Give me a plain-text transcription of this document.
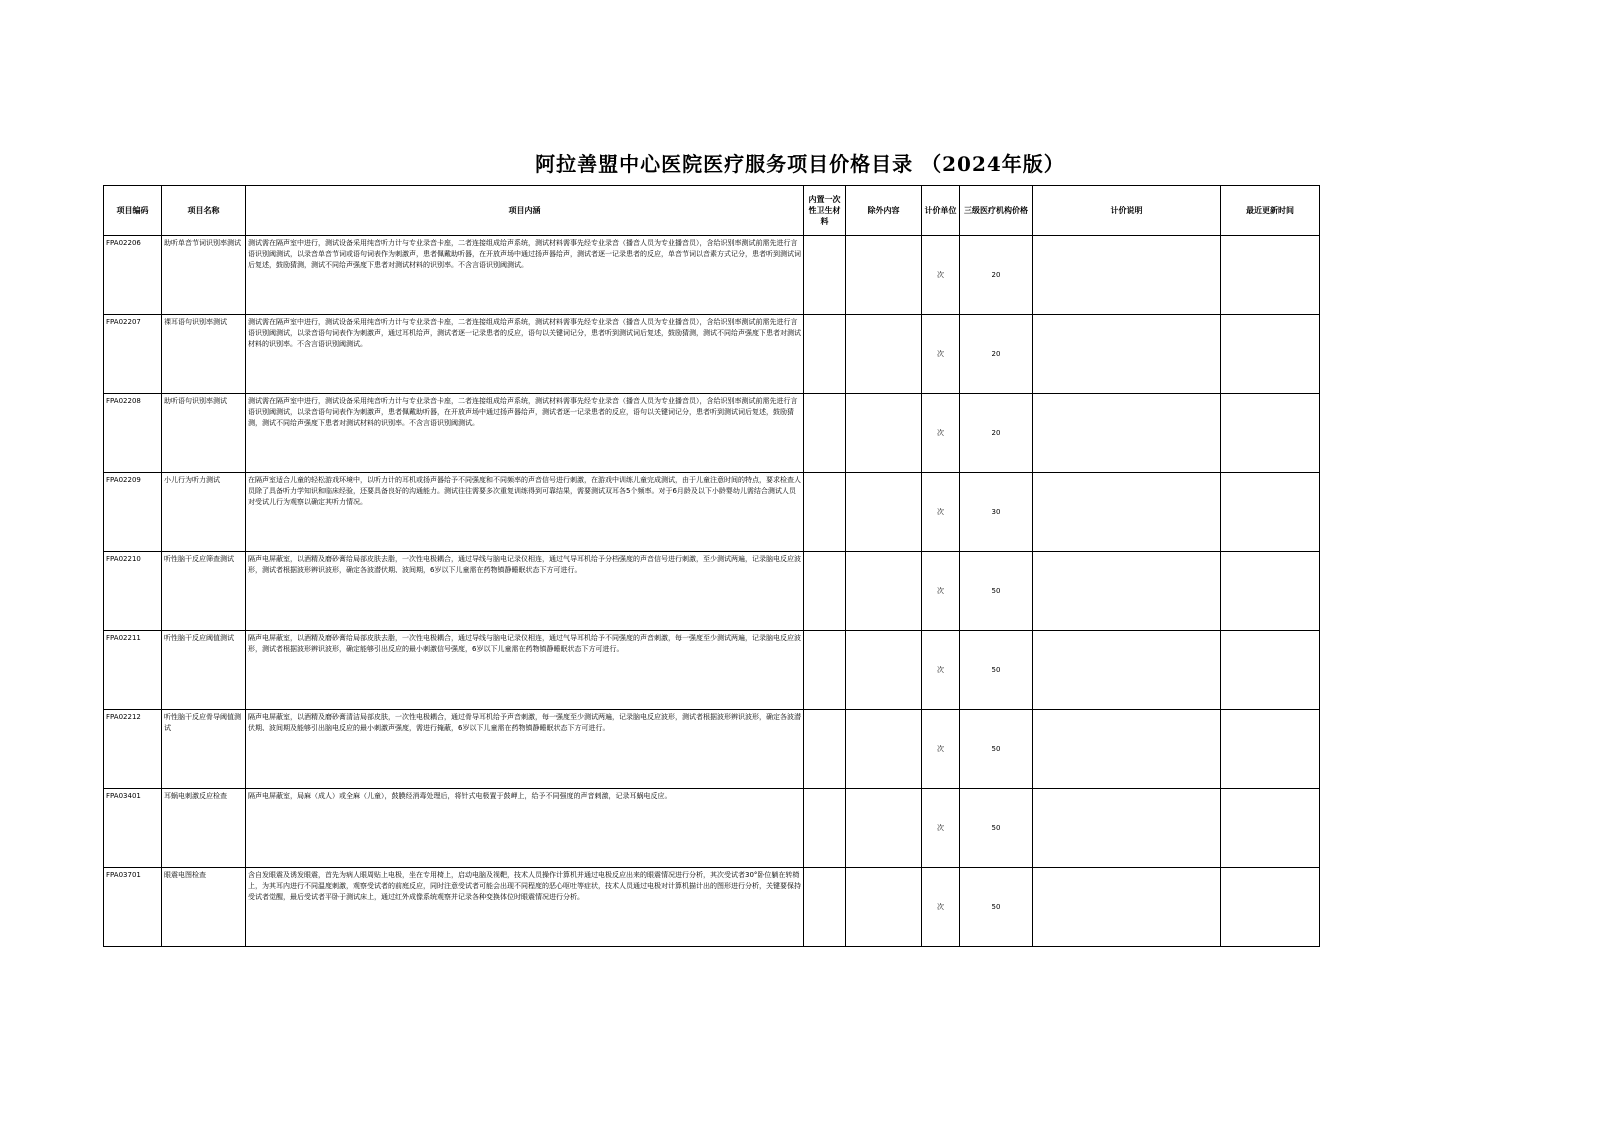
阿拉善盟中心医院医疗服务项目价格目录 （2024年版）
项目编码	项目名称	项目内涵	内置一次性卫生材料	除外内容	计价单位	三级医疗机构价格	计价说明	最近更新时间
FPA02206	助听单音节词识别率测试	测试需在隔声室中进行，测试设备采用纯音听力计与专业录音卡座，二者连接组成给声系统，测试材料需事先经专业录音（播音人员为专业播音员），含给识别率测试前需先进行言语识别阈测试，以录音单音节词或语句词表作为刺激声，患者佩戴助听器，在开放声场中通过扬声器给声，测试者逐一记录患者的反应，单音节词以音素方式记分，患者听到测试词后复述，鼓励猜测，测试不同给声强度下患者对测试材料的识别率。不含言语识别阈测试。			次	20		
FPA02207	裸耳语句识别率测试	测试需在隔声室中进行，测试设备采用纯音听力计与专业录音卡座，二者连接组成给声系统，测试材料需事先经专业录音（播音人员为专业播音员），含给识别率测试前需先进行言语识别阈测试，以录音语句词表作为刺激声，通过耳机给声，测试者逐一记录患者的反应，语句以关键词记分，患者听到测试词后复述，鼓励猜测，测试不同给声强度下患者对测试材料的识别率。不含言语识别阈测试。			次	20		
FPA02208	助听语句识别率测试	测试需在隔声室中进行，测试设备采用纯音听力计与专业录音卡座，二者连接组成给声系统，测试材料需事先经专业录音（播音人员为专业播音员），含给识别率测试前需先进行言语识别阈测试，以录音语句词表作为刺激声，患者佩戴助听器，在开放声场中通过扬声器给声，测试者逐一记录患者的反应，语句以关键词记分，患者听到测试词后复述，鼓励猜测，测试不同给声强度下患者对测试材料的识别率。不含言语识别阈测试。			次	20		
FPA02209	小儿行为听力测试	在隔声室适合儿童的轻松游戏环境中，以听力计的耳机或扬声器给予不同强度和不同频率的声音信号进行刺激，在游戏中训练儿童完成测试，由于儿童注意时间的特点，要求检查人员除了具备听力学知识和临床经验，还要具备良好的沟通能力。测试往往需要多次重复训练得到可靠结果，需要测试双耳各5个频率。对于6月龄及以下小龄婴幼儿需结合测试人员对受试儿行为观察以确定其听力情况。			次	30		
FPA02210	听性脑干反应筛查测试	隔声电屏蔽室，以酒精及磨砂膏给局部皮肤去脂，一次性电极耦合，通过导线与脑电记录仪相连，通过气导耳机给予分档强度的声音信号进行刺激，至少测试两遍，记录脑电反应波形，测试者根据波形辨识波形，确定各波潜伏期、波间期，6岁以下儿童需在药物镇静睡眠状态下方可进行。			次	50		
FPA02211	听性脑干反应阈值测试	隔声电屏蔽室，以酒精及磨砂膏给局部皮肤去脂，一次性电极耦合，通过导线与脑电记录仪相连，通过气导耳机给予不同强度的声音刺激，每一强度至少测试两遍，记录脑电反应波形，测试者根据波形辨识波形，确定能够引出反应的最小刺激信号强度，6岁以下儿童需在药物镇静睡眠状态下方可进行。			次	50		
FPA02212	听性脑干反应骨导阈值测试	隔声电屏蔽室，以酒精及磨砂膏清洁局部皮肤，一次性电极耦合，通过骨导耳机给予声音刺激，每一强度至少测试两遍，记录脑电反应波形，测试者根据波形辨识波形，确定各波潜伏期、波间期及能够引出脑电反应的最小刺激声强度，需进行掩蔽，6岁以下儿童需在药物镇静睡眠状态下方可进行。			次	50		
FPA03401	耳蜗电刺激反应检查	隔声电屏蔽室，局麻（成人）或全麻（儿童），鼓膜经消毒处理后，将针式电极置于鼓岬上，给予不同强度的声音刺激，记录耳蜗电反应。			次	50		
FPA03701	眼震电图检查	含自发眼震及诱发眼震，首先为病人眼周贴上电极，坐在专用椅上，启动电脑及视靶，技术人员操作计算机并通过电极反应出来的眼震情况进行分析，其次受试者30°卧位躺在转椅上，为其耳内进行不同温度刺激，观察受试者的前庭反应，同时注意受试者可能会出现不同程度的恶心呕吐等症状，技术人员通过电极对计算机描计出的图形进行分析，关键要保持受试者觉醒，最后受试者平卧于测试床上，通过红外成像系统观察并记录各种变换体位时眼震情况进行分析。			次	50		
